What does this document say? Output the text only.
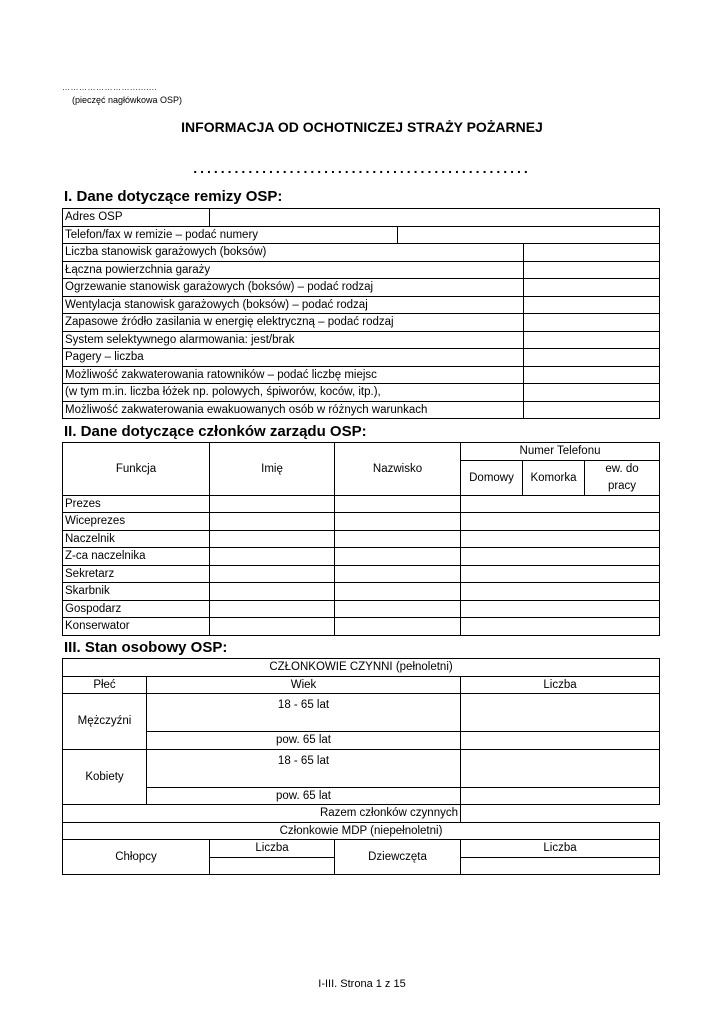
……………………..........
(pieczęć nagłówkowa OSP)
INFORMACJA OD OCHOTNICZEJ STRAŻY POŻARNEJ
.................................................
I. Dane dotyczące remizy OSP:
Adres OSP			
Telefon/fax w remizie – podać numery			
Liczba stanowisk garażowych (boksów)			
Łączna powierzchnia garaży			
Ogrzewanie stanowisk garażowych (boksów) – podać rodzaj			
Wentylacja stanowisk garażowych (boksów) – podać rodzaj			
Zapasowe źródło zasilania w energię elektryczną – podać rodzaj			
System selektywnego alarmowania: jest/brak			
Pagery – liczba			
Możliwość zakwaterowania ratowników – podać liczbę miejsc			
(w tym m.in. liczba łóżek np. polowych, śpiworów, koców, itp.),			
Możliwość zakwaterowania ewakuowanych osób w różnych warunkach			
II. Dane dotyczące członków zarządu OSP:
Funkcja	Imię	Nazwisko	Numer Telefonu		
			Domowy	Komorka	ew. do
pracy
Prezes					
Wiceprezes					
Naczelnik					
Z-ca naczelnika					
Sekretarz					
Skarbnik					
Gospodarz					
Konserwator					
III. Stan osobowy OSP:
CZŁONKOWIE CZYNNI (pełnoletni)				
Płeć	Wiek			Liczba
Mężczyźni	18 - 65 lat			
	pow. 65 lat			
Kobiety	18 - 65 lat			
	pow. 65 lat			
Razem członków czynnych				
Członkowie MDP (niepełnoletni)				
Chłopcy		Liczba	Dziewczęta	Liczba

I-III. Strona 1 z 15
